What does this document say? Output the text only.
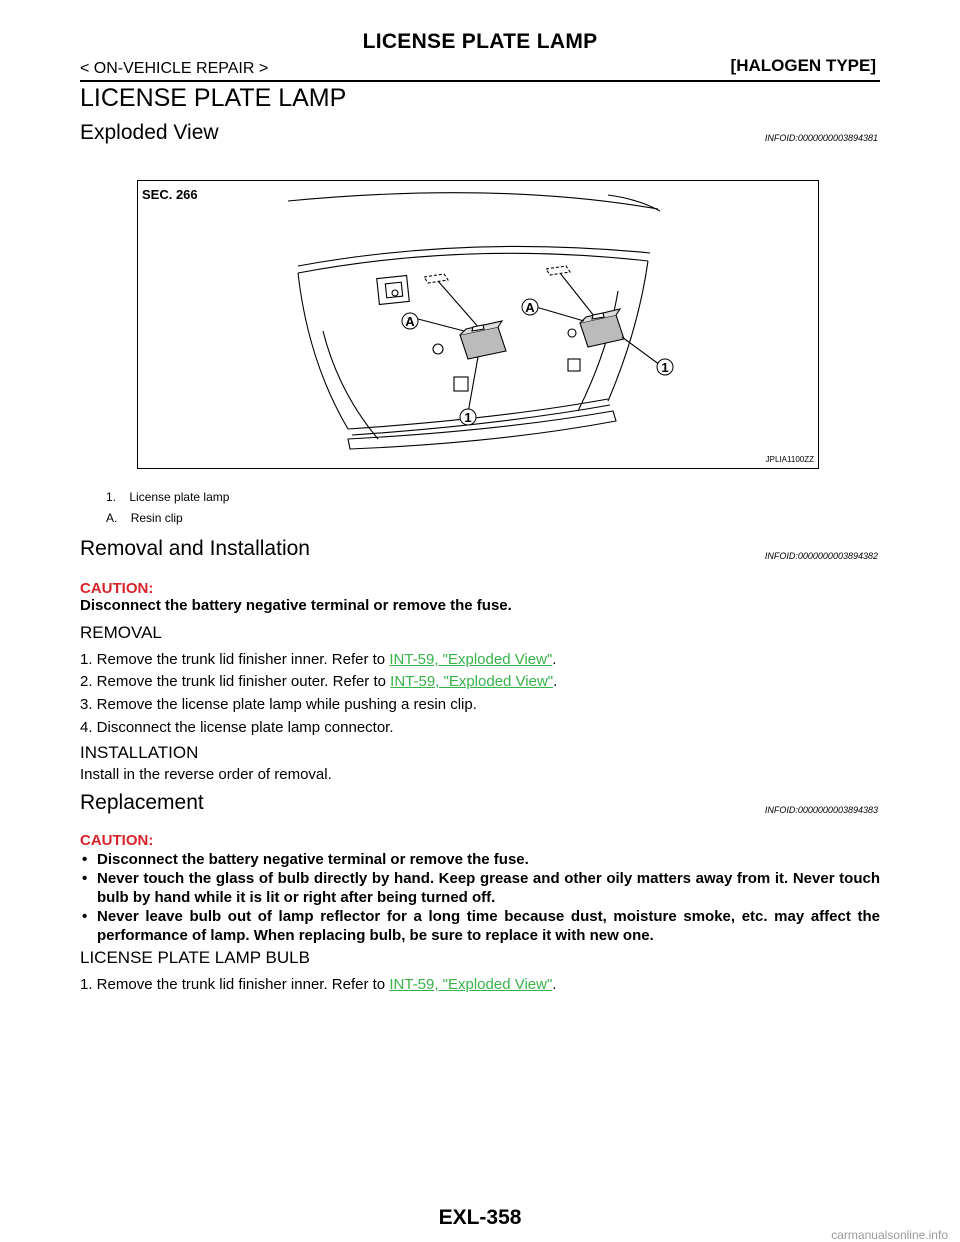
LICENSE PLATE LAMP
< ON-VEHICLE REPAIR >	[HALOGEN TYPE]
LICENSE PLATE LAMP
Exploded View	INFOID:0000000003894381
SEC. 266
A
A
1
1
JPLIA1100ZZ
1. License plate lamp
A. Resin clip
Removal and Installation	INFOID:0000000003894382
CAUTION:
Disconnect the battery negative terminal or remove the fuse.
REMOVAL
1. Remove the trunk lid finisher inner. Refer to INT-59, "Exploded View".
2. Remove the trunk lid finisher outer. Refer to INT-59, "Exploded View".
3. Remove the license plate lamp while pushing a resin clip.
4. Disconnect the license plate lamp connector.
INSTALLATION
Install in the reverse order of removal.
Replacement	INFOID:0000000003894383
CAUTION:
• Disconnect the battery negative terminal or remove the fuse.
• Never touch the glass of bulb directly by hand. Keep grease and other oily matters away from it. Never touch bulb by hand while it is lit or right after being turned off.
• Never leave bulb out of lamp reflector for a long time because dust, moisture smoke, etc. may affect the performance of lamp. When replacing bulb, be sure to replace it with new one.
LICENSE PLATE LAMP BULB
1. Remove the trunk lid finisher inner. Refer to INT-59, "Exploded View".
EXL-358
carmanualsonline.info
